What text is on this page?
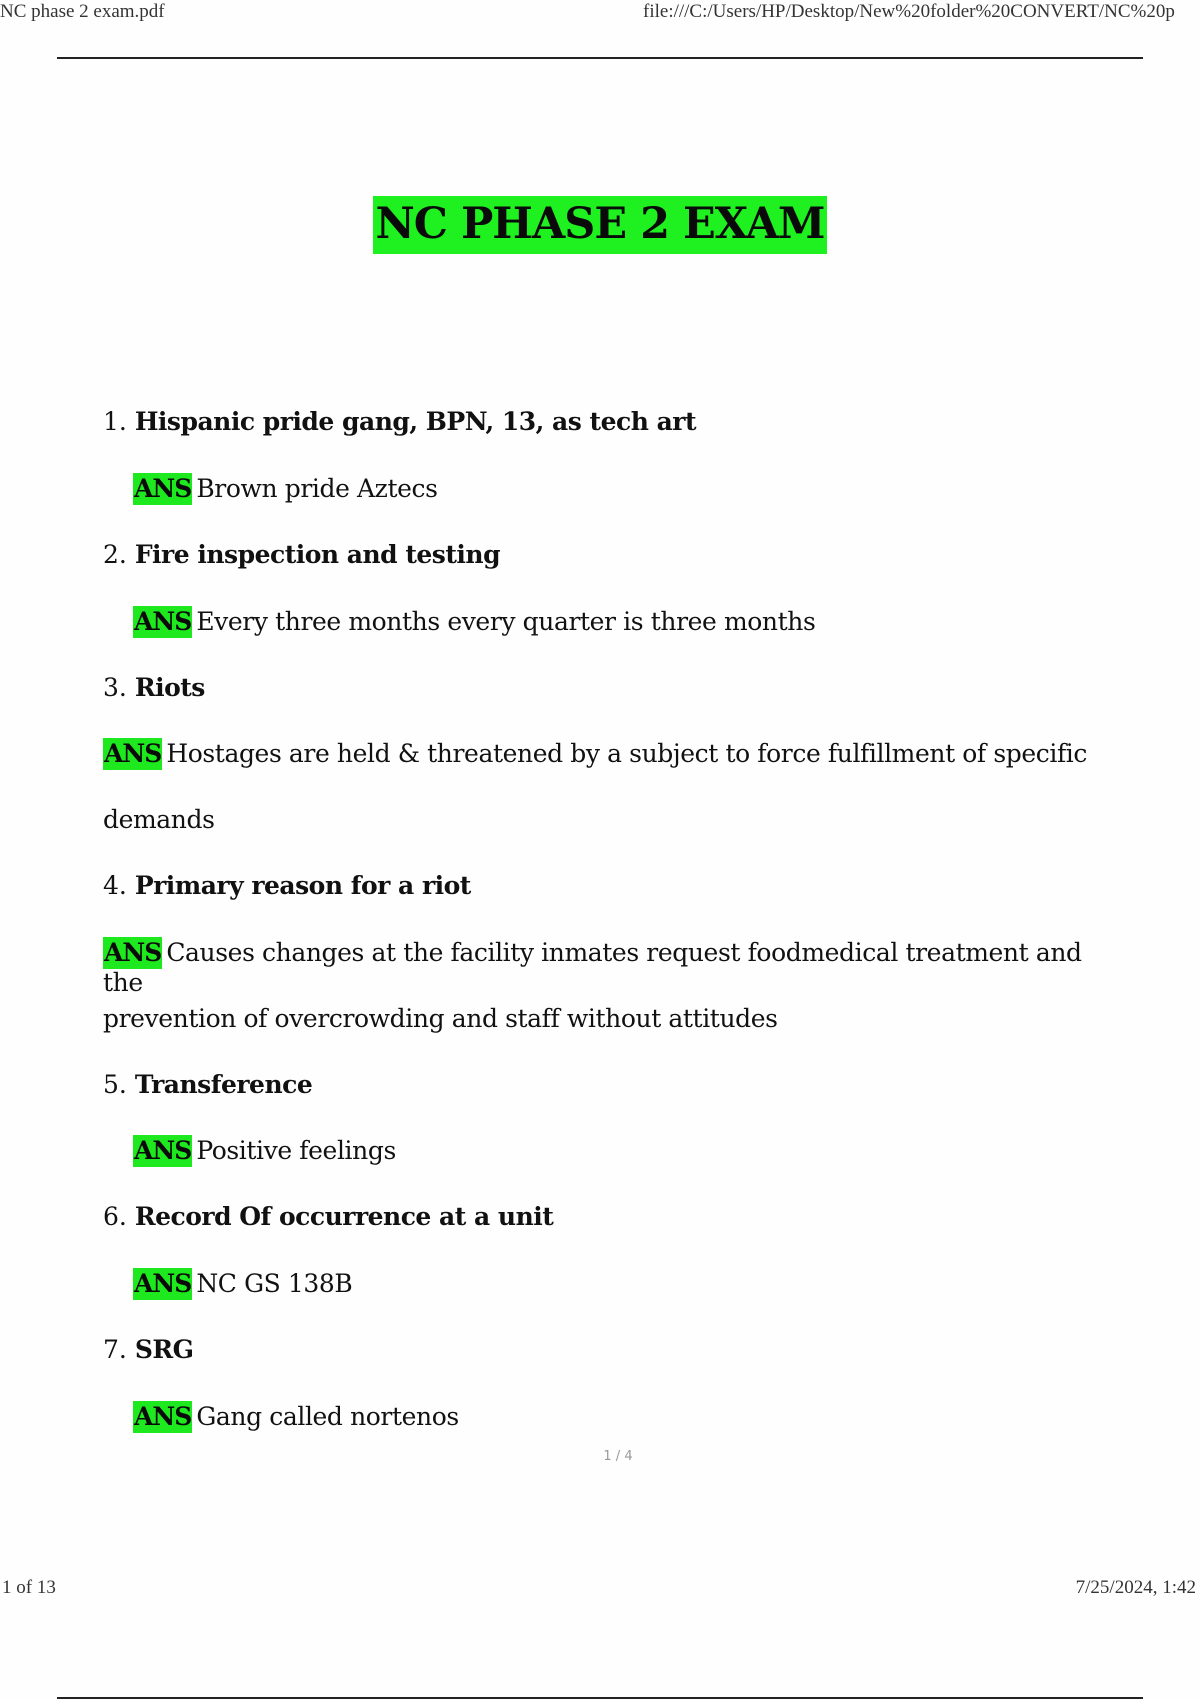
NC phase 2 exam.pdf	file:///C:/Users/HP/Desktop/New%20folder%20CONVERT/NC%20p
NC PHASE 2 EXAM
1. Hispanic pride gang, BPN, 13, as tech art
ANS Brown pride Aztecs
2. Fire inspection and testing
ANS Every three months every quarter is three months
3. Riots
ANS Hostages are held & threatened by a subject to force fulfillment of specific
demands
4. Primary reason for a riot
ANS Causes changes at the facility inmates request foodmedical treatment and the
prevention of overcrowding and staff without attitudes
5. Transference
ANS Positive feelings
6. Record Of occurrence at a unit
ANS NC GS 138B
7. SRG
ANS Gang called nortenos
1 / 4
1 of 13	7/25/2024, 1:42
